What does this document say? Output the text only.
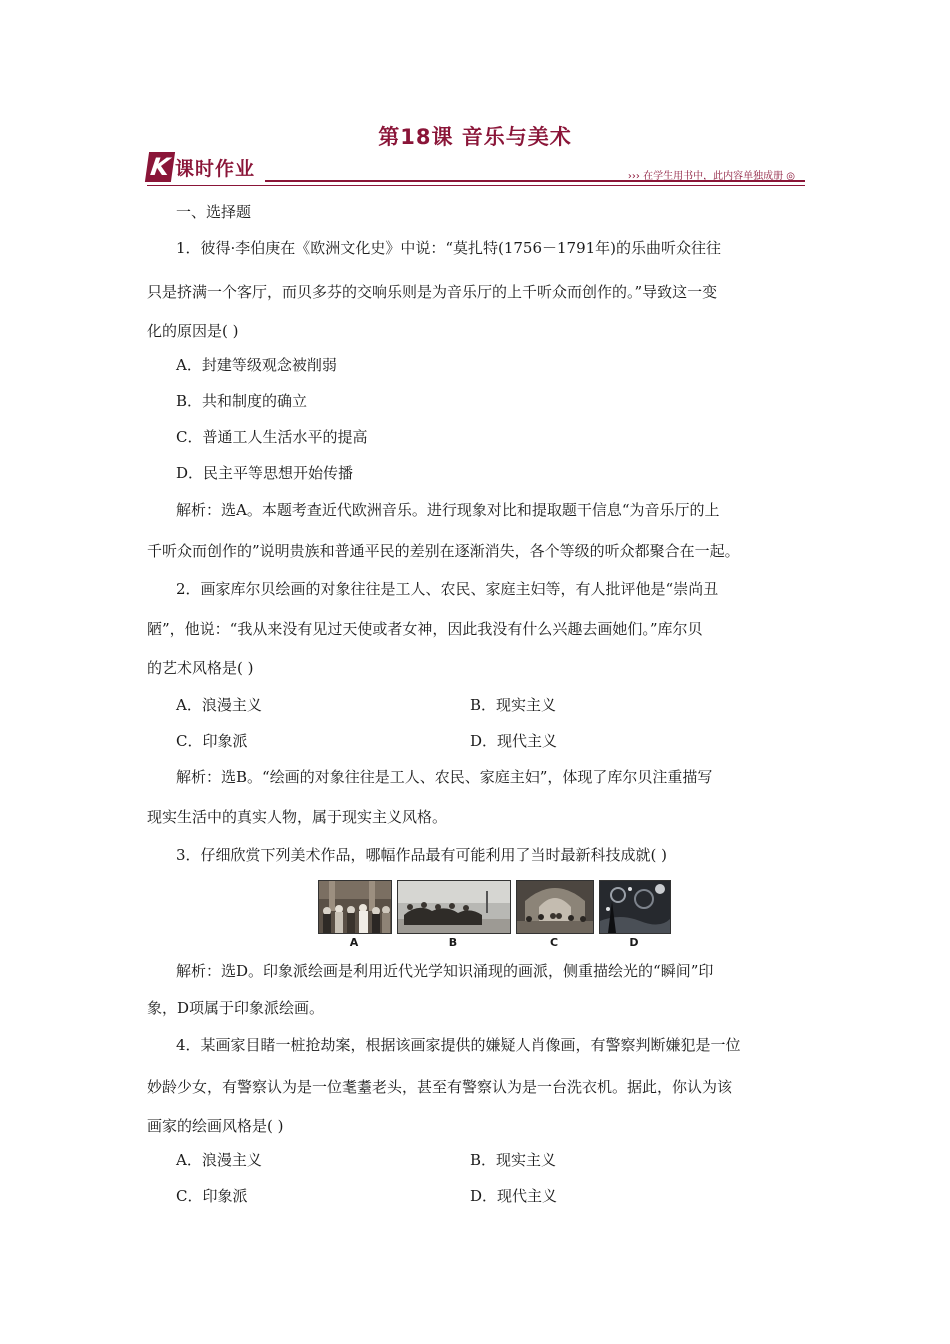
第18课 音乐与美术
K 课时作业	››› 在学生用书中，此内容单独成册 ◎
一、选择题
1．彼得·李伯庚在《欧洲文化史》中说：“莫扎特(1756－1791年)的乐曲听众往往
只是挤满一个客厅，而贝多芬的交响乐则是为音乐厅的上千听众而创作的。”导致这一变
化的原因是( )
A．封建等级观念被削弱
B．共和制度的确立
C．普通工人生活水平的提高
D．民主平等思想开始传播
解析：选A。本题考查近代欧洲音乐。进行现象对比和提取题干信息“为音乐厅的上
千听众而创作的”说明贵族和普通平民的差别在逐渐消失，各个等级的听众都聚合在一起。
2．画家库尔贝绘画的对象往往是工人、农民、家庭主妇等，有人批评他是“崇尚丑
陋”，他说：“我从来没有见过天使或者女神，因此我没有什么兴趣去画她们。”库尔贝
的艺术风格是( )
A．浪漫主义	B．现实主义
C．印象派	D．现代主义
解析：选B。“绘画的对象往往是工人、农民、家庭主妇”，体现了库尔贝注重描写
现实生活中的真实人物，属于现实主义风格。
3．仔细欣赏下列美术作品，哪幅作品最有可能利用了当时最新科技成就( )
A	B	C	D
解析：选D。印象派绘画是利用近代光学知识涌现的画派，侧重描绘光的“瞬间”印
象，D项属于印象派绘画。
4．某画家目睹一桩抢劫案，根据该画家提供的嫌疑人肖像画，有警察判断嫌犯是一位
妙龄少女，有警察认为是一位耄耋老头，甚至有警察认为是一台洗衣机。据此，你认为该
画家的绘画风格是( )
A．浪漫主义	B．现实主义
C．印象派	D．现代主义
